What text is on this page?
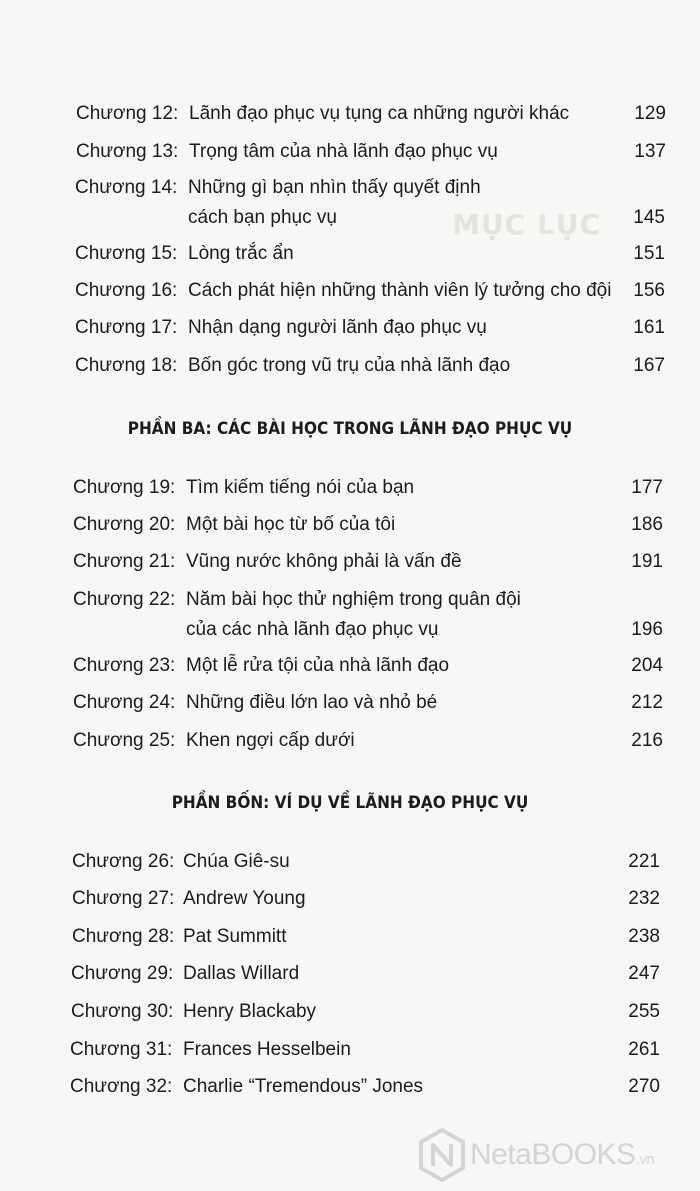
MỤC LỤC
Chương 12: Lãnh đạo phục vụ tụng ca những người khác	129
Chương 13: Trọng tâm của nhà lãnh đạo phục vụ	137
Chương 14: Những gì bạn nhìn thấy quyết định
cách bạn phục vụ	145
Chương 15: Lòng trắc ẩn	151
Chương 16: Cách phát hiện những thành viên lý tưởng cho đội 156
Chương 17: Nhận dạng người lãnh đạo phục vụ	161
Chương 18: Bốn góc trong vũ trụ của nhà lãnh đạo	167
PHẦN BA: CÁC BÀI HỌC TRONG LÃNH ĐẠO PHỤC VỤ
Chương 19: Tìm kiếm tiếng nói của bạn	177
Chương 20: Một bài học từ bố của tôi	186
Chương 21: Vũng nước không phải là vấn đề	191
Chương 22: Năm bài học thử nghiệm trong quân đội
của các nhà lãnh đạo phục vụ	196
Chương 23: Một lễ rửa tội của nhà lãnh đạo	204
Chương 24: Những điều lớn lao và nhỏ bé	212
Chương 25: Khen ngợi cấp dưới	216
PHẦN BỐN: VÍ DỤ VỀ LÃNH ĐẠO PHỤC VỤ
Chương 26: Chúa Giê-su	221
Chương 27: Andrew Young	232
Chương 28: Pat Summitt	238
Chương 29: Dallas Willard	247
Chương 30: Henry Blackaby	255
Chương 31: Frances Hesselbein	261
Chương 32: Charlie “Tremendous” Jones	270
NetaBOOKS.vn
